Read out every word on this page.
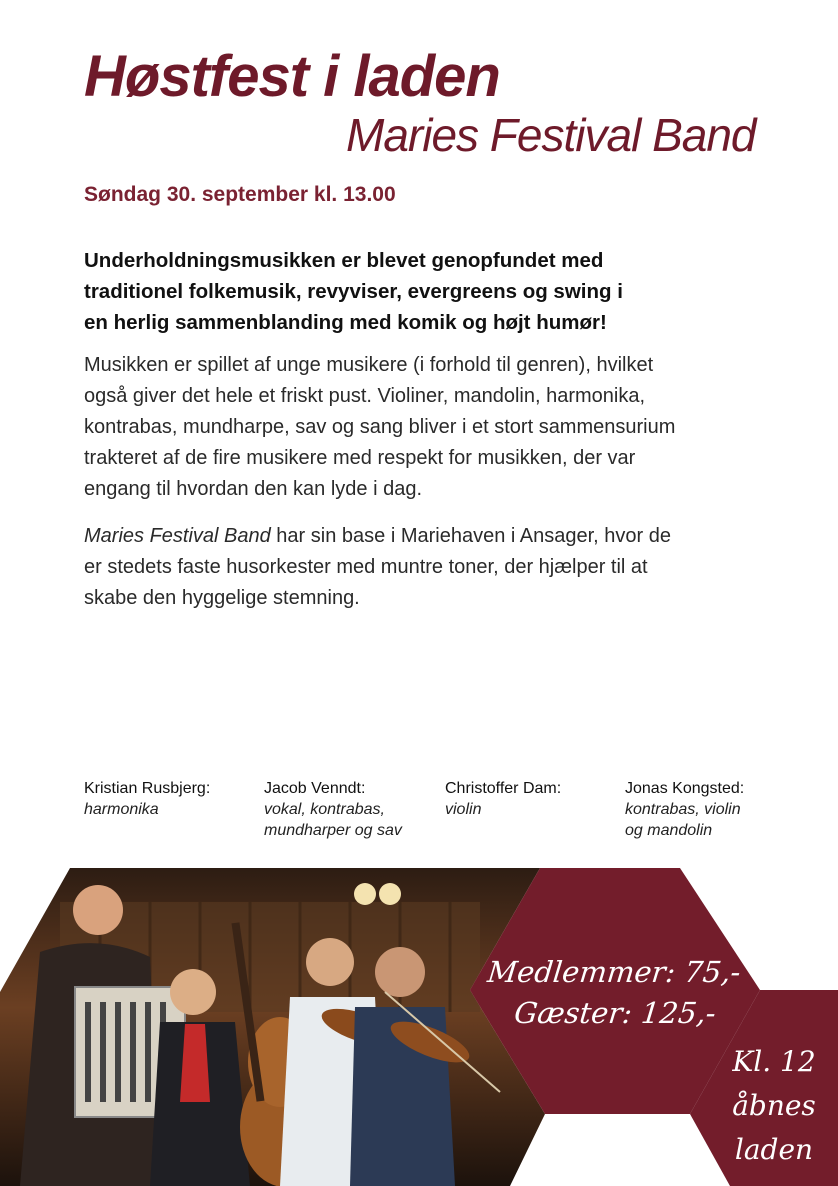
Høstfest i laden
Maries Festival Band
Søndag 30. september kl. 13.00
Underholdningsmusikken er blevet genopfundet med
traditionel folkemusik, revyviser, evergreens og swing i
en herlig sammenblanding med komik og højt humør!
Musikken er spillet af unge musikere (i forhold til genren), hvilket
også giver det hele et friskt pust. Violiner, mandolin, harmonika,
kontrabas, mundharpe, sav og sang bliver i et stort sammensurium
trakteret af de fire musikere med respekt for musikken, der var
engang til hvordan den kan lyde i dag.
Maries Festival Band har sin base i Mariehaven i Ansager, hvor de
er stedets faste husorkester med muntre toner, der hjælper til at
skabe den hyggelige stemning.
Kristian Rusbjerg:
harmonika
Jacob Venndt:
vokal, kontrabas,
mundharper og sav
Christoffer Dam:
violin
Jonas Kongsted:
kontrabas, violin
og mandolin
Medlemmer: 75,-
Gæster: 125,-
Kl. 12
åbnes
laden
